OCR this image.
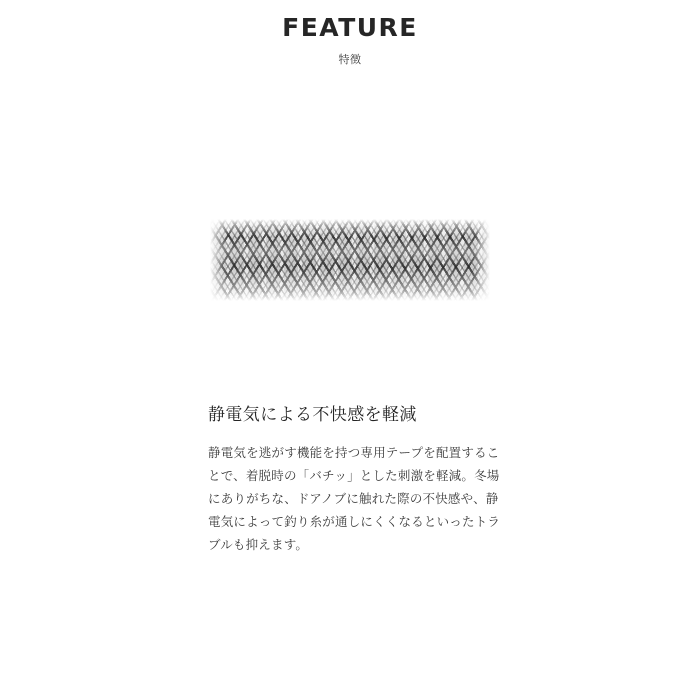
FEATURE
特徴
静電気による不快感を軽減

静電気を逃がす機能を持つ専用テープを配置することで、着脱時の「バチッ」とした刺激を軽減。冬場にありがちな、ドアノブに触れた際の不快感や、静電気によって釣り糸が通しにくくなるといったトラブルも抑えます。
